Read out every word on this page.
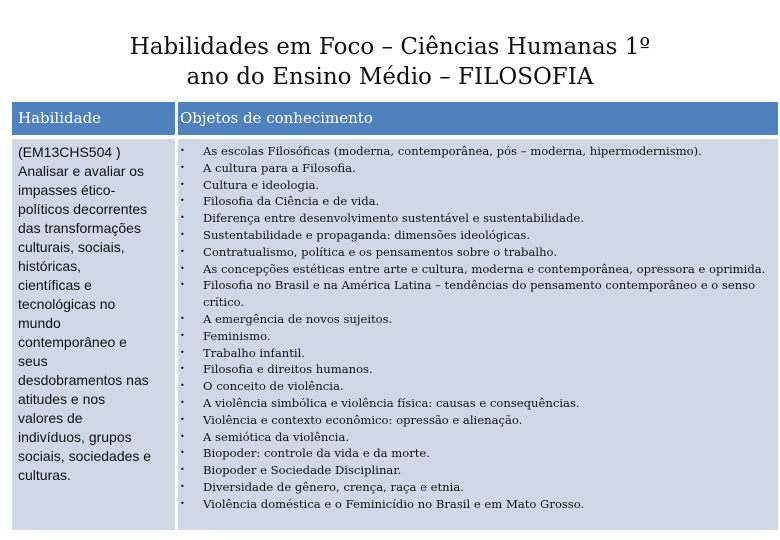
Habilidades em Foco – Ciências Humanas 1º
ano do Ensino Médio – FILOSOFIA
Habilidade	Objetos de conhecimento
(EM13CHS504 )
Analisar e avaliar os
impasses ético-
políticos decorrentes
das transformações
culturais, sociais,
históricas,
científicas e
tecnológicas no
mundo
contemporâneo e
seus
desdobramentos nas
atitudes e nos
valores de
indivíduos, grupos
sociais, sociedades e
culturas.
• As escolas Filosóficas (moderna, contemporânea, pós – moderna, hipermodernismo).
• A cultura para a Filosofia.
• Cultura e ideologia.
• Filosofia da Ciência e de vida.
• Diferença entre desenvolvimento sustentável e sustentabilidade.
• Sustentabilidade e propaganda: dimensões ideológicas.
• Contratualismo, política e os pensamentos sobre o trabalho.
• As concepções estéticas entre arte e cultura, moderna e contemporânea, opressora e oprimida.
• Filosofia no Brasil e na América Latina – tendências do pensamento contemporâneo e o senso crítico.
• A emergência de novos sujeitos.
• Feminismo.
• Trabalho infantil.
• Filosofia e direitos humanos.
• O conceito de violência.
• A violência simbólica e violência física: causas e consequências.
• Violência e contexto econômico: opressão e alienação.
• A semiótica da violência.
• Biopoder: controle da vida e da morte.
• Biopoder e Sociedade Disciplinar.
• Diversidade de gênero, crença, raça e etnia.
• Violência doméstica e o Feminicídio no Brasil e em Mato Grosso.
